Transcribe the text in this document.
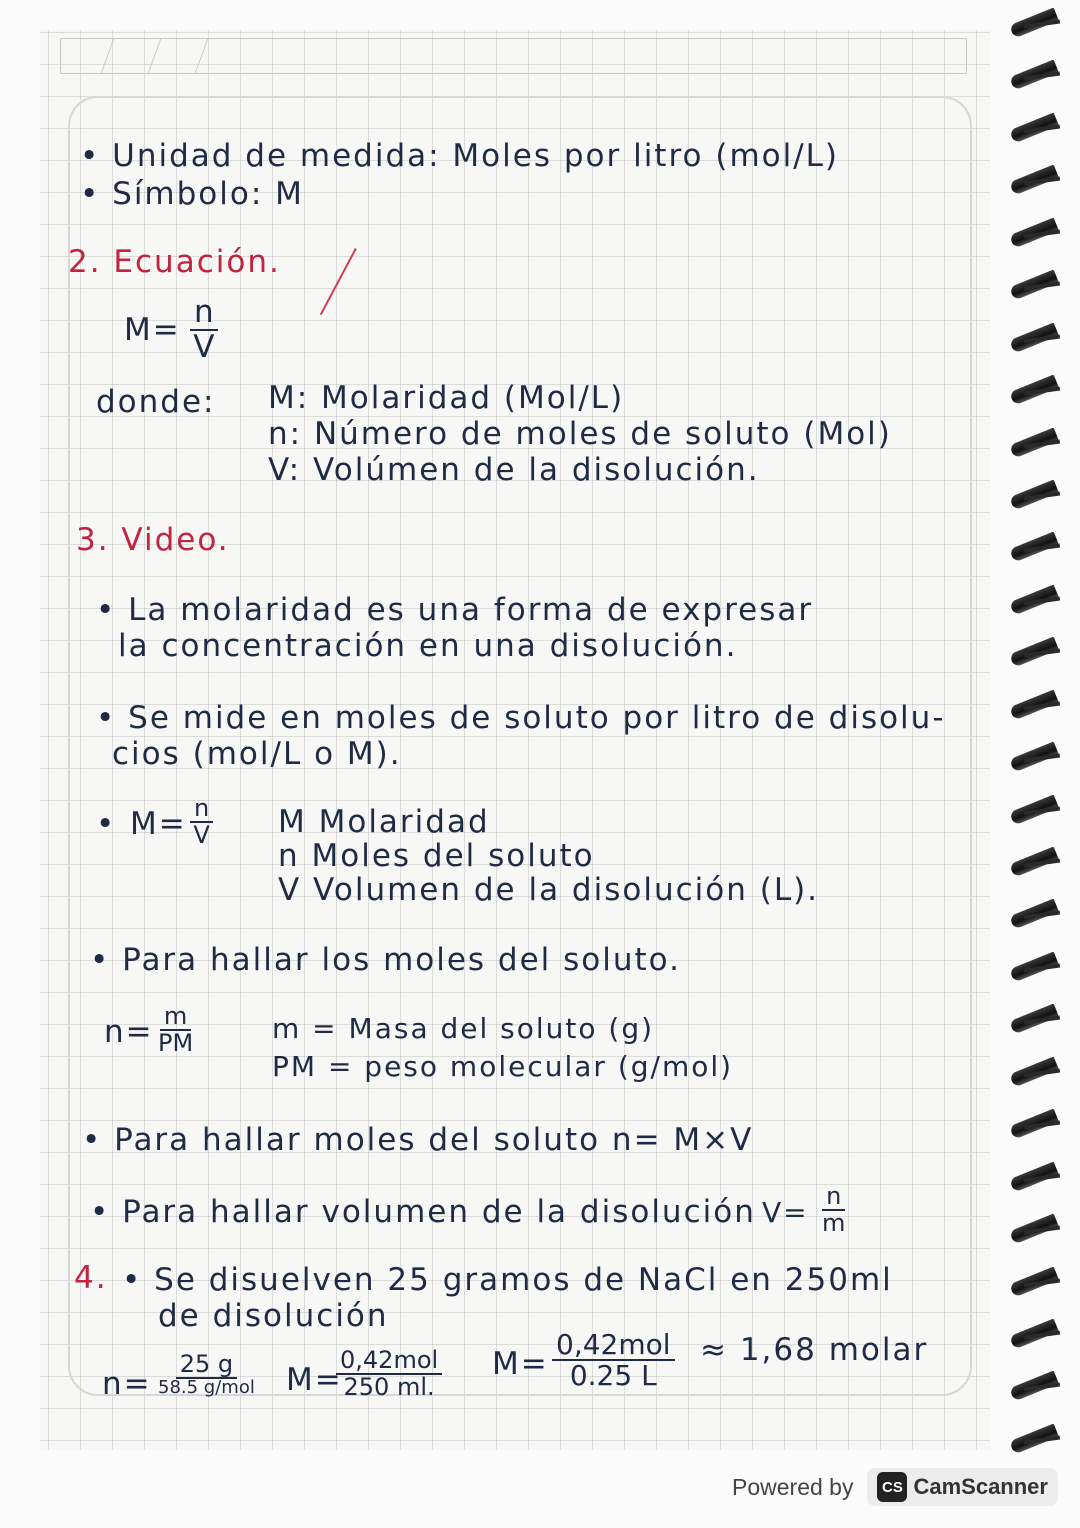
• Unidad de medida: Moles por litro (mol/L)
• Símbolo: M
2. Ecuación.
$M= \frac{n}{V}$
donde: M: Molaridad (Mol/L)
n: Número de moles de soluto (Mol)
V: Volúmen de la disolución.
3. Video.
• La molaridad es una forma de expresar
la concentración en una disolución.
• Se mide en moles de soluto por litro de disolu-
cios (mol/L o M).
• $M= \frac{n}{V}$ M Molaridad
n Moles del soluto
V Volumen de la disolución (L).
• Para hallar los moles del soluto.
$n= \frac{m}{PM}$	m = Masa del soluto (g)
PM = peso molecular (g/mol)
• Para hallar moles del soluto n= M×V
• Para hallar volumen de la disolución $V= \frac{n}{m}$
4. • Se disuelven 25 gramos de NaCl en 250ml
de disolución
n=
25 g
58.5 g/mol M=
0,42mol
250 ml.
M=
0,42mol
0.25 L
≈ 1,68 molar
Powered by	CS CamScanner
